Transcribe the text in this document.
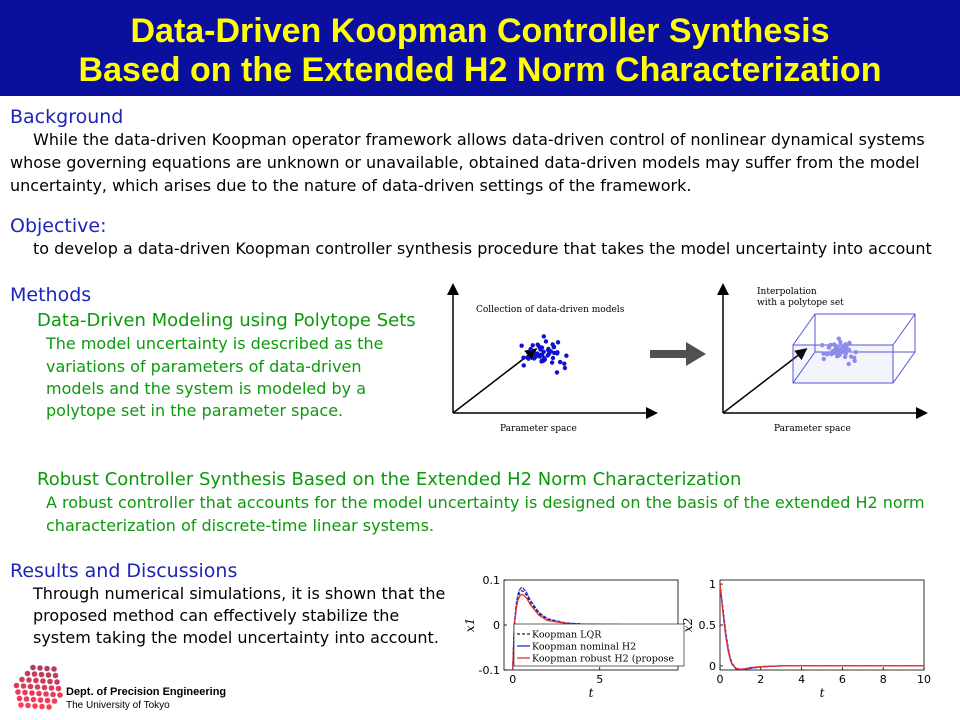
Data-Driven Koopman Controller Synthesis
Based on the Extended H2 Norm Characterization
Background
While the data-driven Koopman operator framework allows data-driven control of nonlinear dynamical systems
whose governing equations are unknown or unavailable, obtained data-driven models may suffer from the model
uncertainty, which arises due to the nature of data-driven settings of the framework.
Objective:
to develop a data-driven Koopman controller synthesis procedure that takes the model uncertainty into account
Methods
Data-Driven Modeling using Polytope Sets
The model uncertainty is described as the
variations of parameters of data-driven
models and the system is modeled by a
polytope set in the parameter space.
Collection of data-driven models
Parameter space
Interpolation
with a polytope set
Parameter space
Robust Controller Synthesis Based on the Extended H2 Norm Characterization
A robust controller that accounts for the model uncertainty is designed on the basis of the extended H2 norm
characterization of discrete-time linear systems.
Results and Discussions
Through numerical simulations, it is shown that the
proposed method can effectively stabilize the
system taking the model uncertainty into account.
Dept. of Precision Engineering
The University of Tokyo
0	5
0.1
0
-0.1
t
x1
Koopman LQR
Koopman nominal H2
Koopman robust H2 (propose
0	2	4	6	8	10
1
0.5
0
t
x2
